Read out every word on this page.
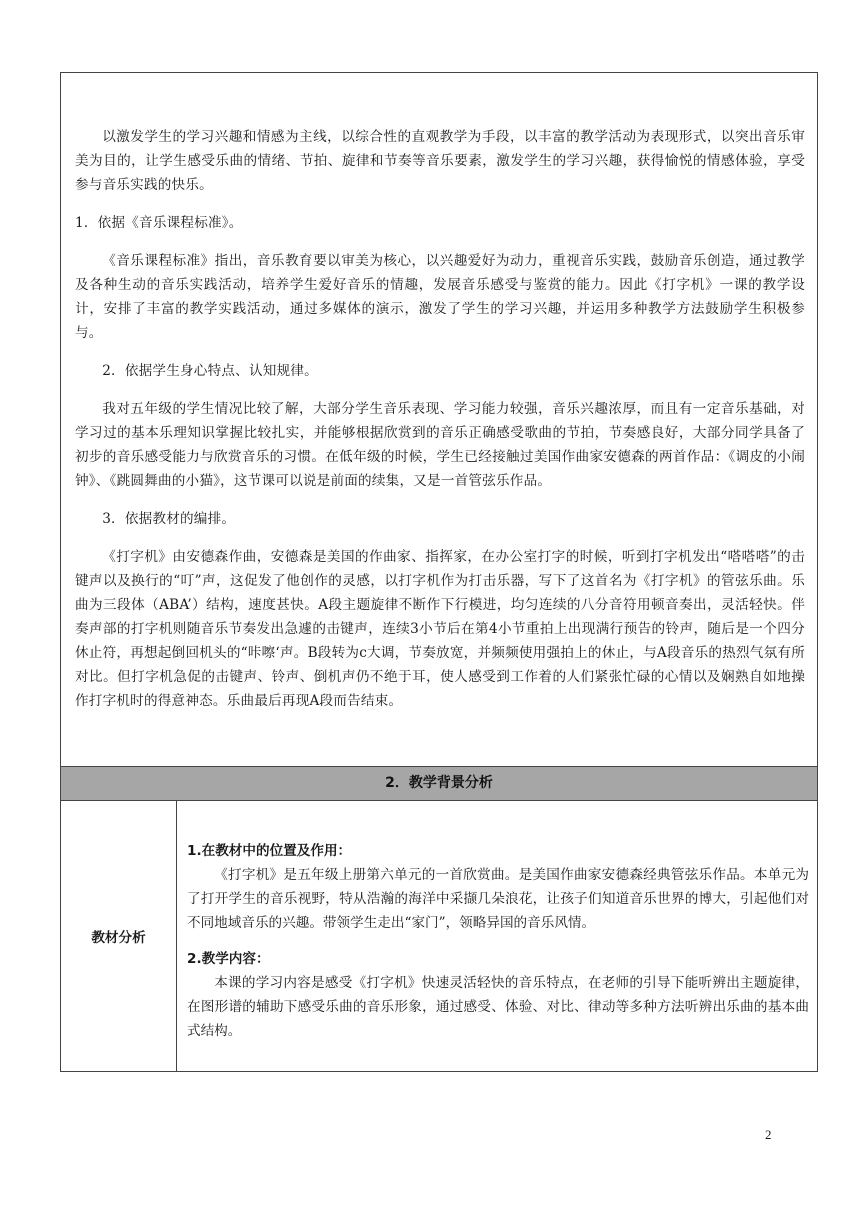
以激发学生的学习兴趣和情感为主线，以综合性的直观教学为手段，以丰富的教学活动为表现形式，以突出音乐审美为目的，让学生感受乐曲的情绪、节拍、旋律和节奏等音乐要素，激发学生的学习兴趣，获得愉悦的情感体验，享受参与音乐实践的快乐。

1．依据《音乐课程标准》。

《音乐课程标准》指出，音乐教育要以审美为核心，以兴趣爱好为动力，重视音乐实践，鼓励音乐创造，通过教学及各种生动的音乐实践活动，培养学生爱好音乐的情趣，发展音乐感受与鉴赏的能力。因此《打字机》一课的教学设计，安排了丰富的教学实践活动，通过多媒体的演示，激发了学生的学习兴趣，并运用多种教学方法鼓励学生积极参与。

2．依据学生身心特点、认知规律。

我对五年级的学生情况比较了解，大部分学生音乐表现、学习能力较强，音乐兴趣浓厚，而且有一定音乐基础，对学习过的基本乐理知识掌握比较扎实，并能够根据欣赏到的音乐正确感受歌曲的节拍，节奏感良好，大部分同学具备了初步的音乐感受能力与欣赏音乐的习惯。在低年级的时候，学生已经接触过美国作曲家安德森的两首作品：《调皮的小闹钟》、《跳圆舞曲的小猫》，这节课可以说是前面的续集，又是一首管弦乐作品。

3．依据教材的编排。

《打字机》由安德森作曲，安德森是美国的作曲家、指挥家，在办公室打字的时候，听到打字机发出“嗒嗒嗒”的击键声以及换行的“叮”声，这促发了他创作的灵感，以打字机作为打击乐器，写下了这首名为《打字机》的管弦乐曲。乐曲为三段体（ABA’）结构，速度甚快。A段主题旋律不断作下行模进，均匀连续的八分音符用顿音奏出，灵活轻快。伴奏声部的打字机则随音乐节奏发出急遽的击键声，连续3小节后在第4小节重拍上出现满行预告的铃声，随后是一个四分休止符，再想起倒回机头的“咔嚓‘声。B段转为c大调，节奏放宽，并频频使用强拍上的休止，与A段音乐的热烈气氛有所对比。但打字机急促的击键声、铃声、倒机声仍不绝于耳，使人感受到工作着的人们紧张忙碌的心情以及娴熟自如地操作打字机时的得意神态。乐曲最后再现A段而告结束。

2．教学背景分析
教材分析

1.在教材中的位置及作用：

《打字机》是五年级上册第六单元的一首欣赏曲。是美国作曲家安德森经典管弦乐作品。本单元为了打开学生的音乐视野，特从浩瀚的海洋中采撷几朵浪花，让孩子们知道音乐世界的博大，引起他们对不同地域音乐的兴趣。带领学生走出“家门”，领略异国的音乐风情。

2.教学内容：

本课的学习内容是感受《打字机》快速灵活轻快的音乐特点，在老师的引导下能听辨出主题旋律，在图形谱的辅助下感受乐曲的音乐形象，通过感受、体验、对比、律动等多种方法听辨出乐曲的基本曲式结构。

2
